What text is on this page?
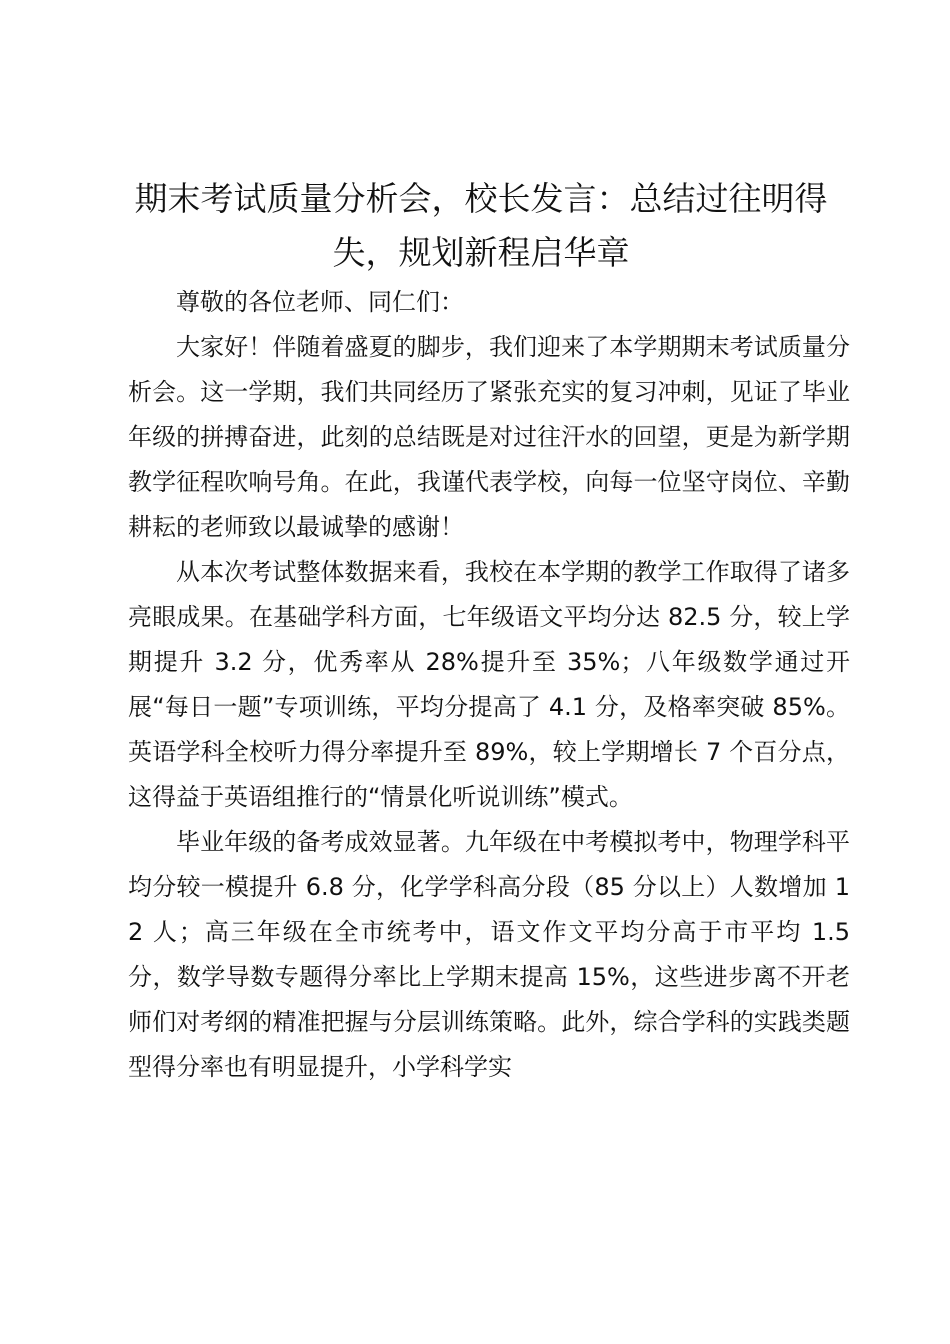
期末考试质量分析会，校长发言：总结过往明得失，规划新程启华章

尊敬的各位老师、同仁们：

大家好！伴随着盛夏的脚步，我们迎来了本学期期末考试质量分析会。这一学期，我们共同经历了紧张充实的复习冲刺，见证了毕业年级的拼搏奋进，此刻的总结既是对过往汗水的回望，更是为新学期教学征程吹响号角。在此，我谨代表学校，向每一位坚守岗位、辛勤耕耘的老师致以最诚挚的感谢！

从本次考试整体数据来看，我校在本学期的教学工作取得了诸多亮眼成果。在基础学科方面，七年级语文平均分达 82.5 分，较上学期提升 3.2 分，优秀率从 28%提升至 35%；八年级数学通过开展“每日一题”专项训练，平均分提高了 4.1 分，及格率突破 85%。英语学科全校听力得分率提升至 89%，较上学期增长 7 个百分点，这得益于英语组推行的“情景化听说训练”模式。

毕业年级的备考成效显著。九年级在中考模拟考中，物理学科平均分较一模提升 6.8 分，化学学科高分段（85 分以上）人数增加 12 人；高三年级在全市统考中，语文作文平均分高于市平均 1.5 分，数学导数专题得分率比上学期末提高 15%，这些进步离不开老师们对考纲的精准把握与分层训练策略。此外，综合学科的实践类题型得分率也有明显提升，小学科学实
